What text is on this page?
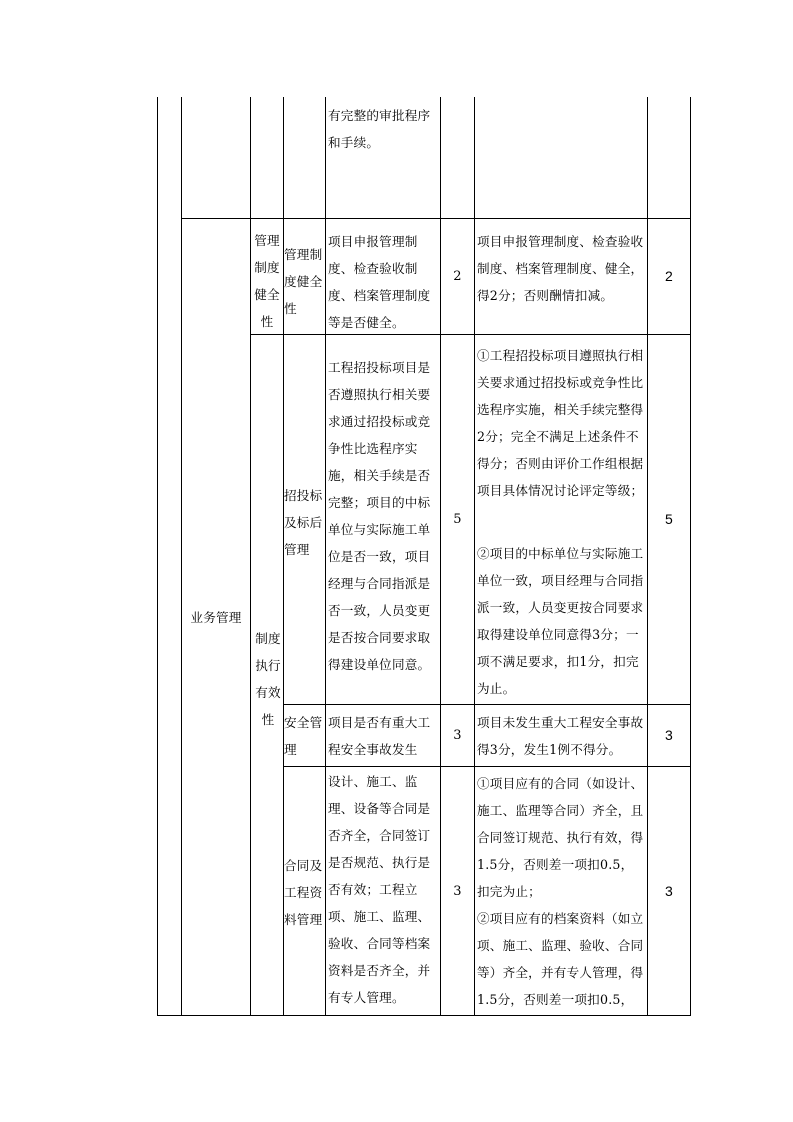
有完整的审批程序和手续。
业务管理
管理制度健全性
管理制度健全性
项目申报管理制度、检查验收制度、档案管理制度等是否健全。
2
项目申报管理制度、检查验收制度、档案管理制度、健全，得2分；否则酬情扣减。
2
制度执行有效性
招投标及标后管理
工程招投标项目是否遵照执行相关要求通过招投标或竞争性比选程序实施，相关手续是否完整；项目的中标单位与实际施工单位是否一致，项目经理与合同指派是否一致，人员变更是否按合同要求取得建设单位同意。
5
①工程招投标项目遵照执行相关要求通过招投标或竞争性比选程序实施，相关手续完整得2分；完全不满足上述条件不得分；否则由评价工作组根据项目具体情况讨论评定等级；
②项目的中标单位与实际施工单位一致，项目经理与合同指派一致，人员变更按合同要求取得建设单位同意得3分；一项不满足要求，扣1分，扣完为止。
5
安全管理
项目是否有重大工程安全事故发生
3
项目未发生重大工程安全事故得3分，发生1例不得分。
3
合同及工程资料管理
设计、施工、监理、设备等合同是否齐全，合同签订是否规范、执行是否有效；工程立项、施工、监理、验收、合同等档案资料是否齐全，并有专人管理。
3
①项目应有的合同（如设计、施工、监理等合同）齐全，且合同签订规范、执行有效，得1.5分，否则差一项扣0.5，扣完为止；
②项目应有的档案资料（如立项、施工、监理、验收、合同等）齐全，并有专人管理，得1.5分，否则差一项扣0.5，
3
